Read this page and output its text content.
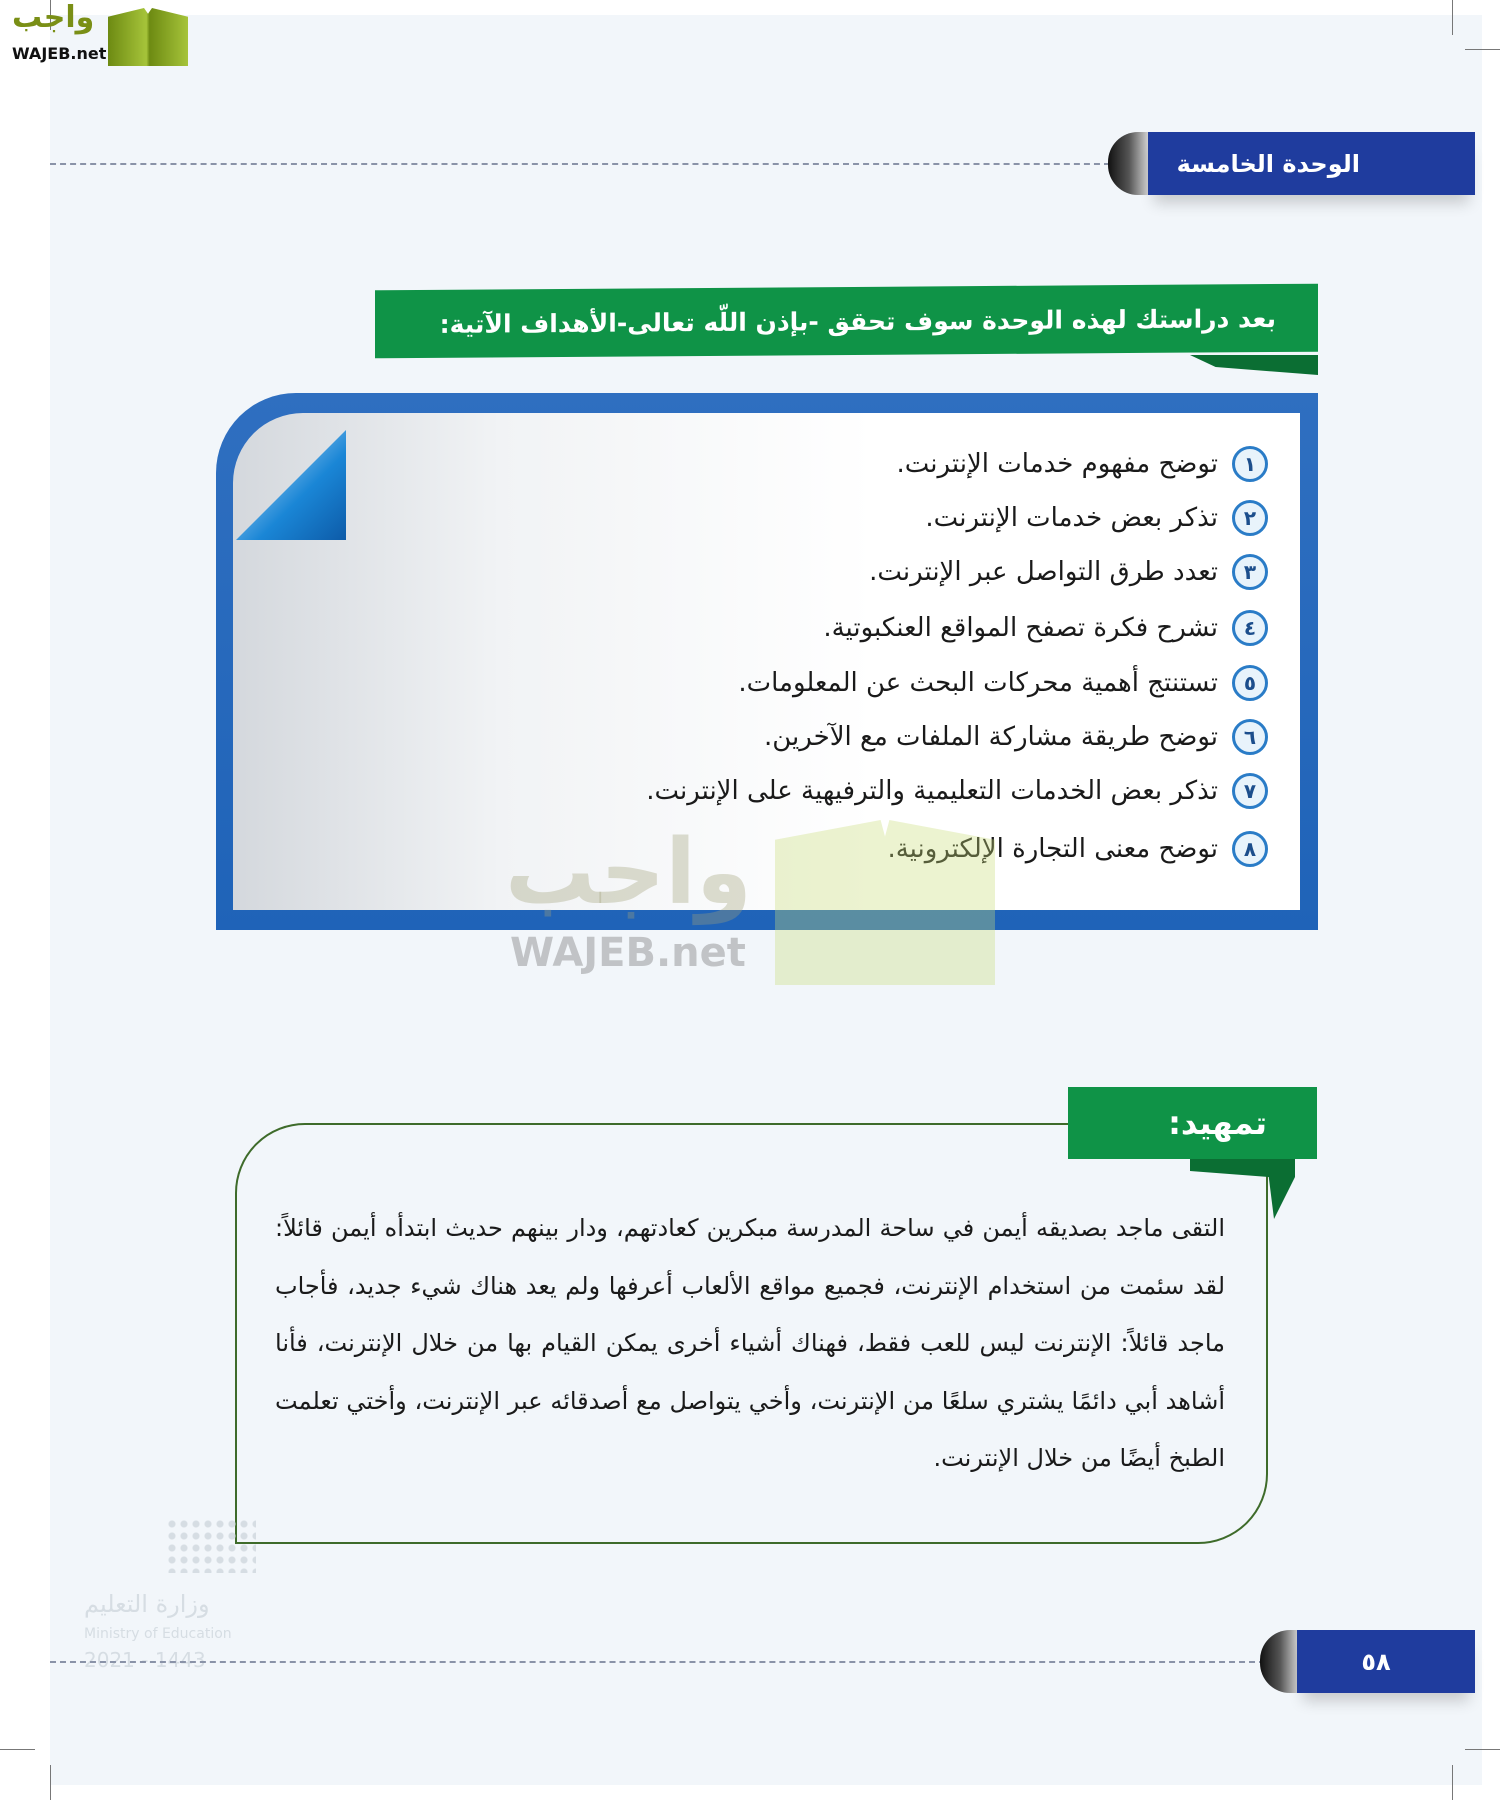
واجب
WAJEB.net
الوحدة الخامسة
بعد دراستك لهذه الوحدة سوف تحقق -بإذن اللّه تعالى-الأهداف الآتية:
١
توضح مفهوم خدمات الإنترنت.
٢
تذكر بعض خدمات الإنترنت.
٣
تعدد طرق التواصل عبر الإنترنت.
٤
تشرح فكرة تصفح المواقع العنكبوتية.
٥
تستنتج أهمية محركات البحث عن المعلومات.
٦
توضح طريقة مشاركة الملفات مع الآخرين.
٧
تذكر بعض الخدمات التعليمية والترفيهية على الإنترنت.
٨
توضح معنى التجارة الإلكترونية.
واجب
WAJEB.net
تمهيد:
التقى ماجد بصديقه أيمن في ساحة المدرسة مبكرين كعادتهم، ودار بينهم حديث ابتدأه أيمن قائلاً: لقد سئمت من استخدام الإنترنت، فجميع مواقع الألعاب أعرفها ولم يعد هناك شيء جديد، فأجاب ماجد قائلاً: الإنترنت ليس للعب فقط، فهناك أشياء أخرى يمكن القيام بها من خلال الإنترنت، فأنا أشاهد أبي دائمًا يشتري سلعًا من الإنترنت، وأخي يتواصل مع أصدقائه عبر الإنترنت، وأختي تعلمت الطبخ أيضًا من خلال الإنترنت.
وزارة التعليم
Ministry of Education
2021 - 1443	٥٨
